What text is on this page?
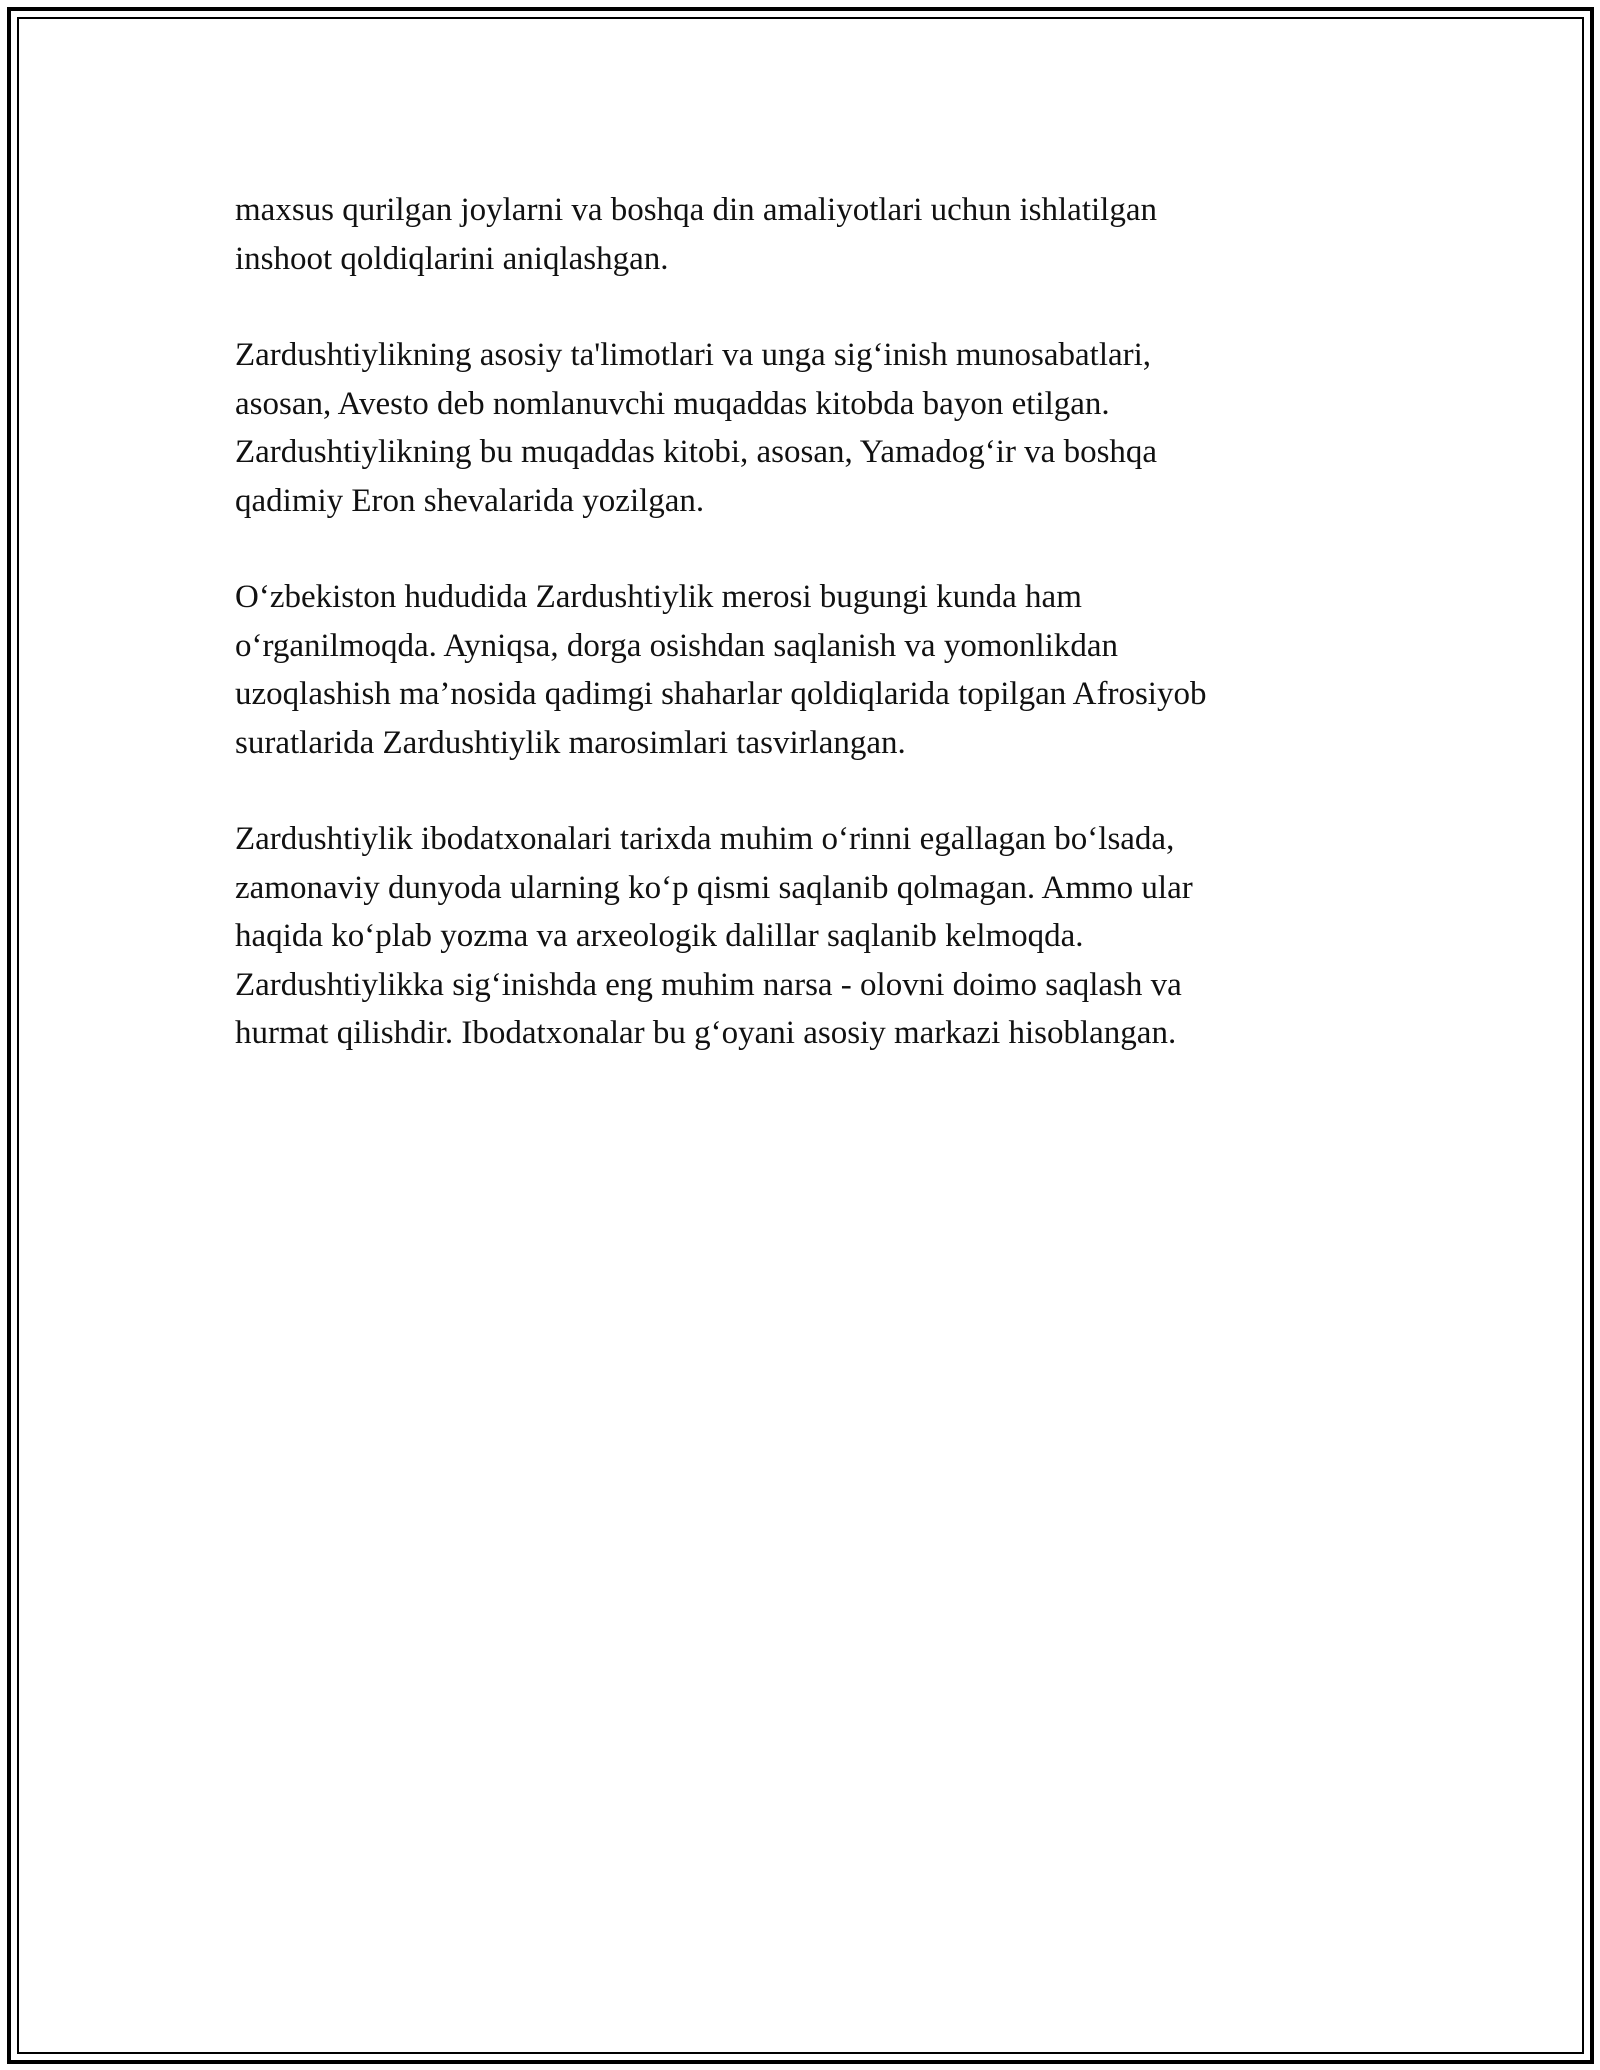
maxsus qurilgan joylarni va boshqa din amaliyotlari uchun ishlatilgan
inshoot qoldiqlarini aniqlashgan.

Zardushtiylikning asosiy ta'limotlari va unga sig‘inish munosabatlari,
asosan, Avesto deb nomlanuvchi muqaddas kitobda bayon etilgan.
Zardushtiylikning bu muqaddas kitobi, asosan, Yamadog‘ir va boshqa
qadimiy Eron shevalarida yozilgan.

O‘zbekiston hududida Zardushtiylik merosi bugungi kunda ham
o‘rganilmoqda. Ayniqsa, dorga osishdan saqlanish va yomonlikdan
uzoqlashish ma’nosida qadimgi shaharlar qoldiqlarida topilgan Afrosiyob
suratlarida Zardushtiylik marosimlari tasvirlangan.

Zardushtiylik ibodatxonalari tarixda muhim o‘rinni egallagan bo‘lsada,
zamonaviy dunyoda ularning ko‘p qismi saqlanib qolmagan. Ammo ular
haqida ko‘plab yozma va arxeologik dalillar saqlanib kelmoqda.
Zardushtiylikka sig‘inishda eng muhim narsa - olovni doimo saqlash va
hurmat qilishdir. Ibodatxonalar bu g‘oyani asosiy markazi hisoblangan.
